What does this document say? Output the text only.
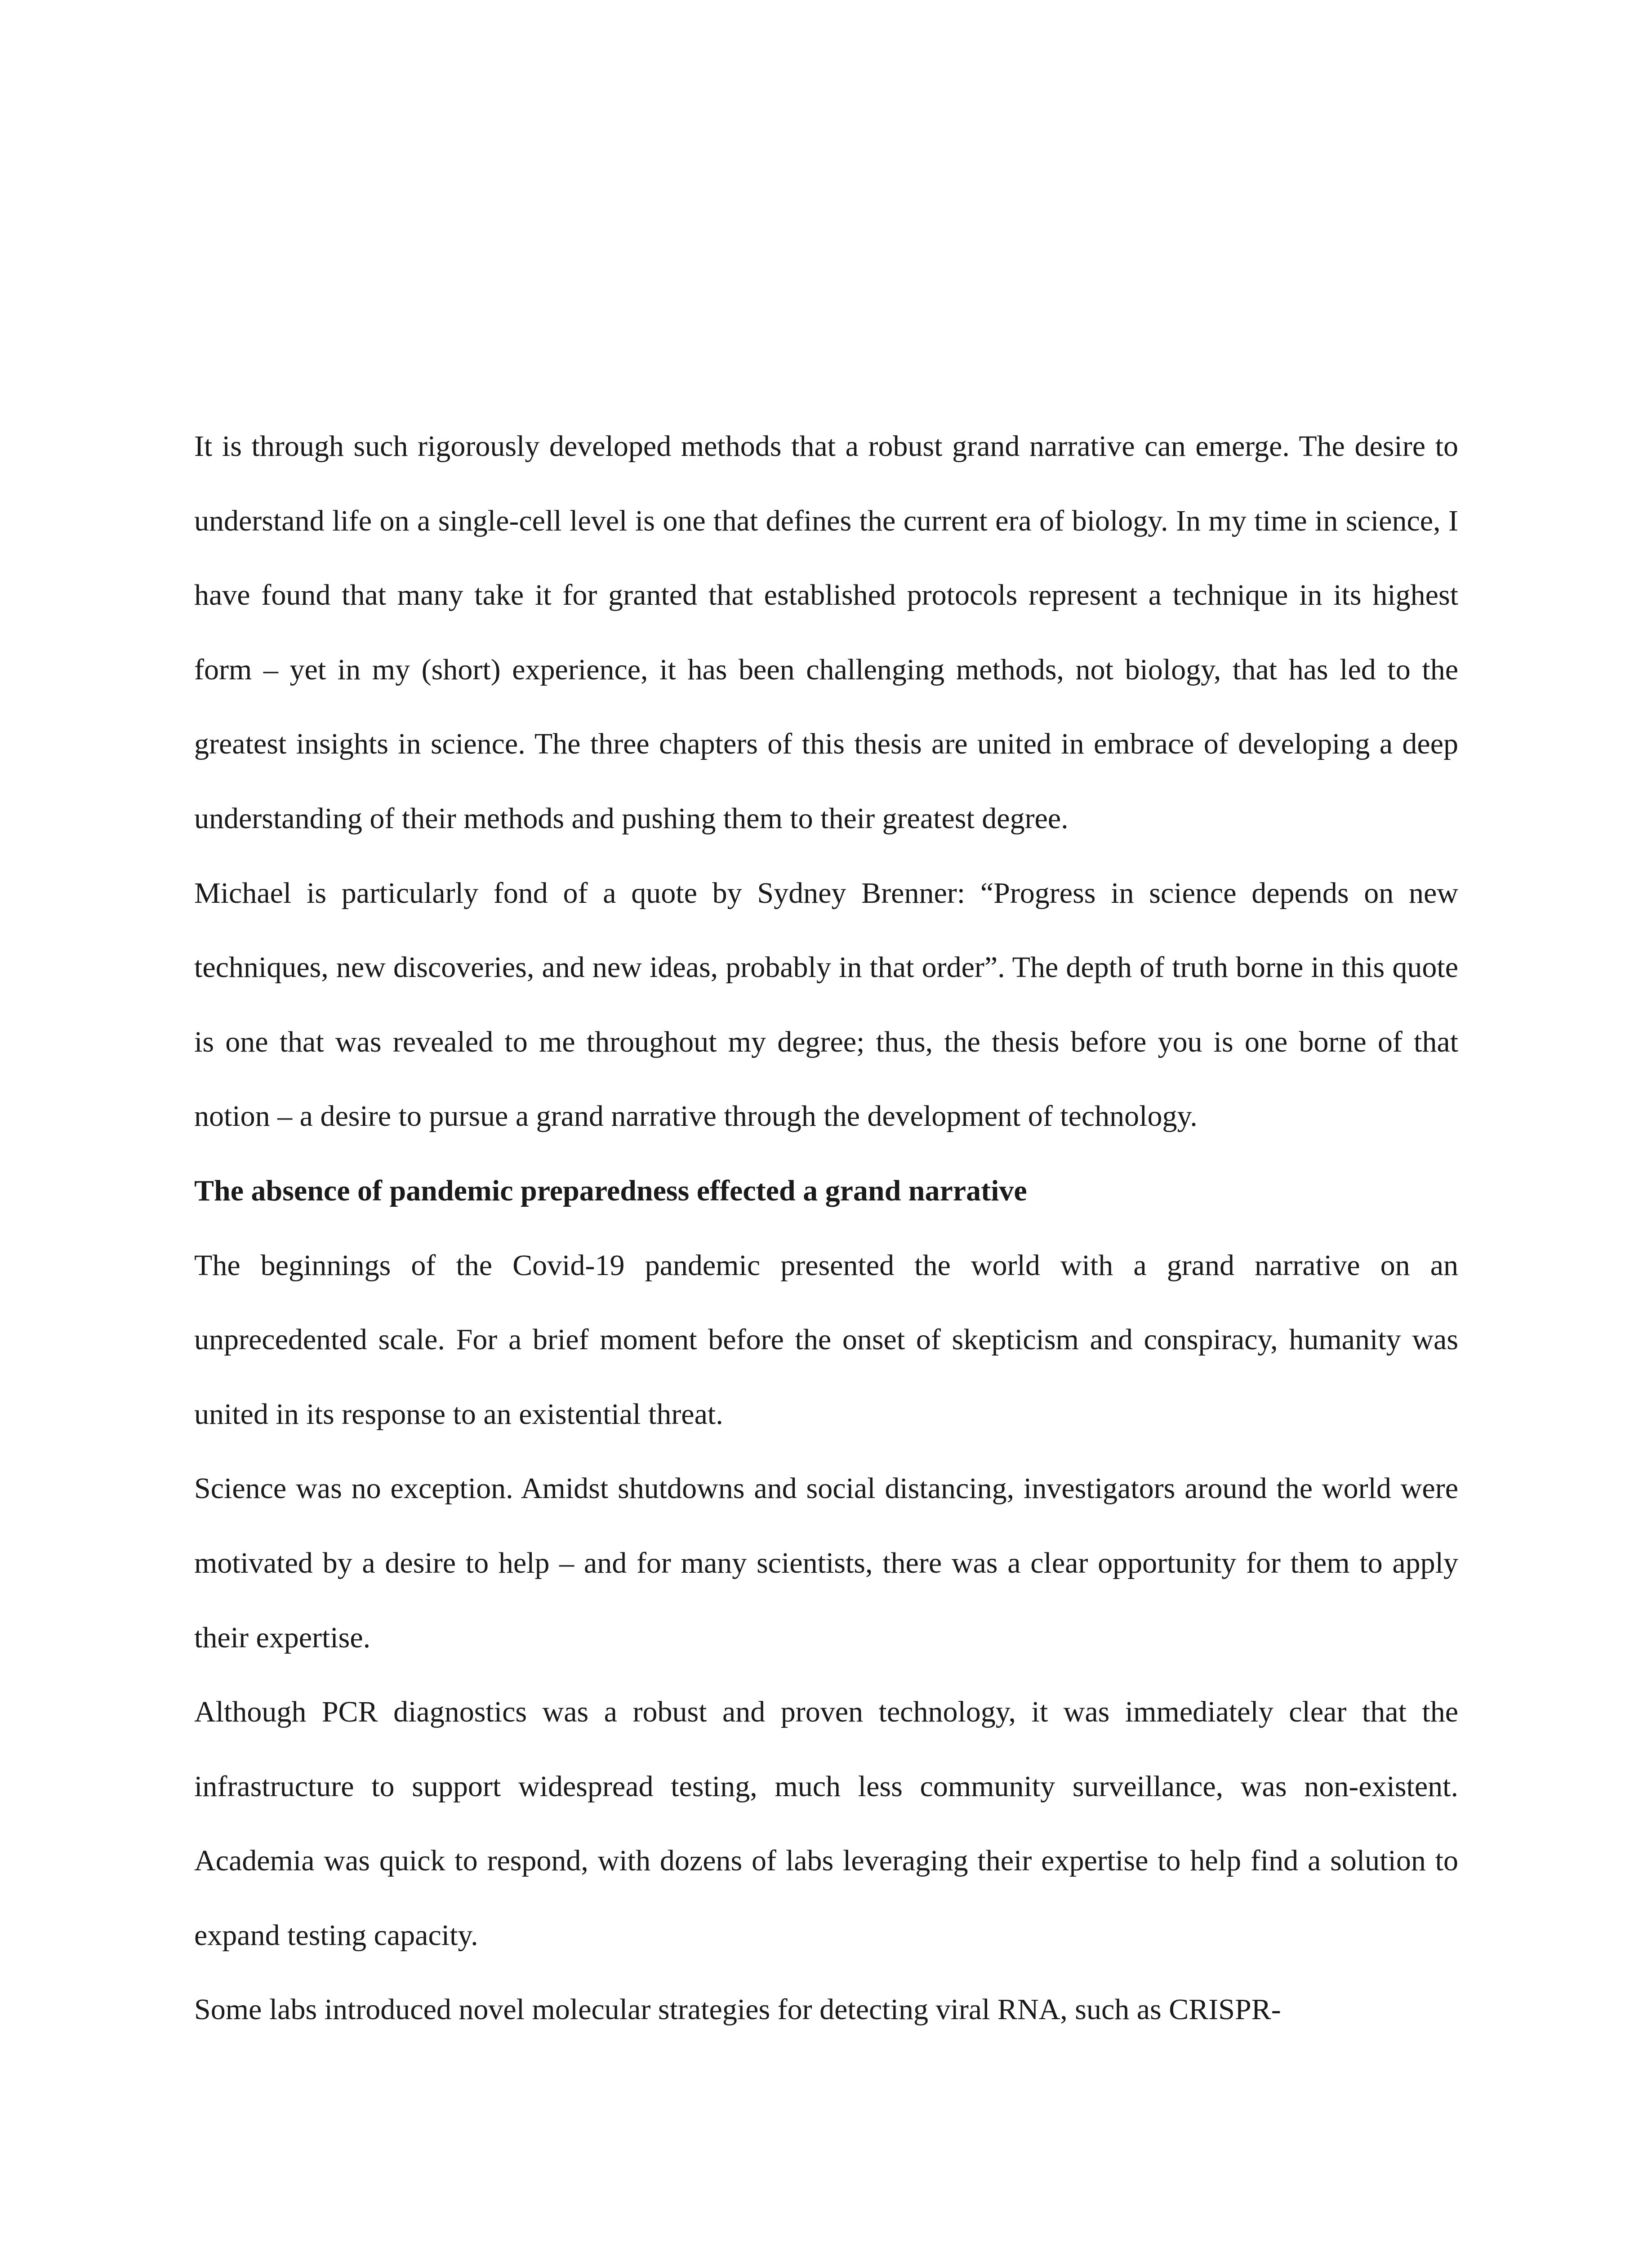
It is through such rigorously developed methods that a robust grand narrative can emerge. The desire to understand life on a single-cell level is one that defines the current era of biology. In my time in science, I have found that many take it for granted that established protocols represent a technique in its highest form – yet in my (short) experience, it has been challenging methods, not biology, that has led to the greatest insights in science. The three chapters of this thesis are united in embrace of developing a deep understanding of their methods and pushing them to their greatest degree.

Michael is particularly fond of a quote by Sydney Brenner: “Progress in science depends on new techniques, new discoveries, and new ideas, probably in that order”. The depth of truth borne in this quote is one that was revealed to me throughout my degree; thus, the thesis before you is one borne of that notion – a desire to pursue a grand narrative through the development of technology.

The absence of pandemic preparedness effected a grand narrative

The beginnings of the Covid-19 pandemic presented the world with a grand narrative on an unprecedented scale. For a brief moment before the onset of skepticism and conspiracy, humanity was united in its response to an existential threat.

Science was no exception. Amidst shutdowns and social distancing, investigators around the world were motivated by a desire to help – and for many scientists, there was a clear opportunity for them to apply their expertise.

Although PCR diagnostics was a robust and proven technology, it was immediately clear that the infrastructure to support widespread testing, much less community surveillance, was non-existent. Academia was quick to respond, with dozens of labs leveraging their expertise to help find a solution to expand testing capacity.

Some labs introduced novel molecular strategies for detecting viral RNA, such as CRISPR-
